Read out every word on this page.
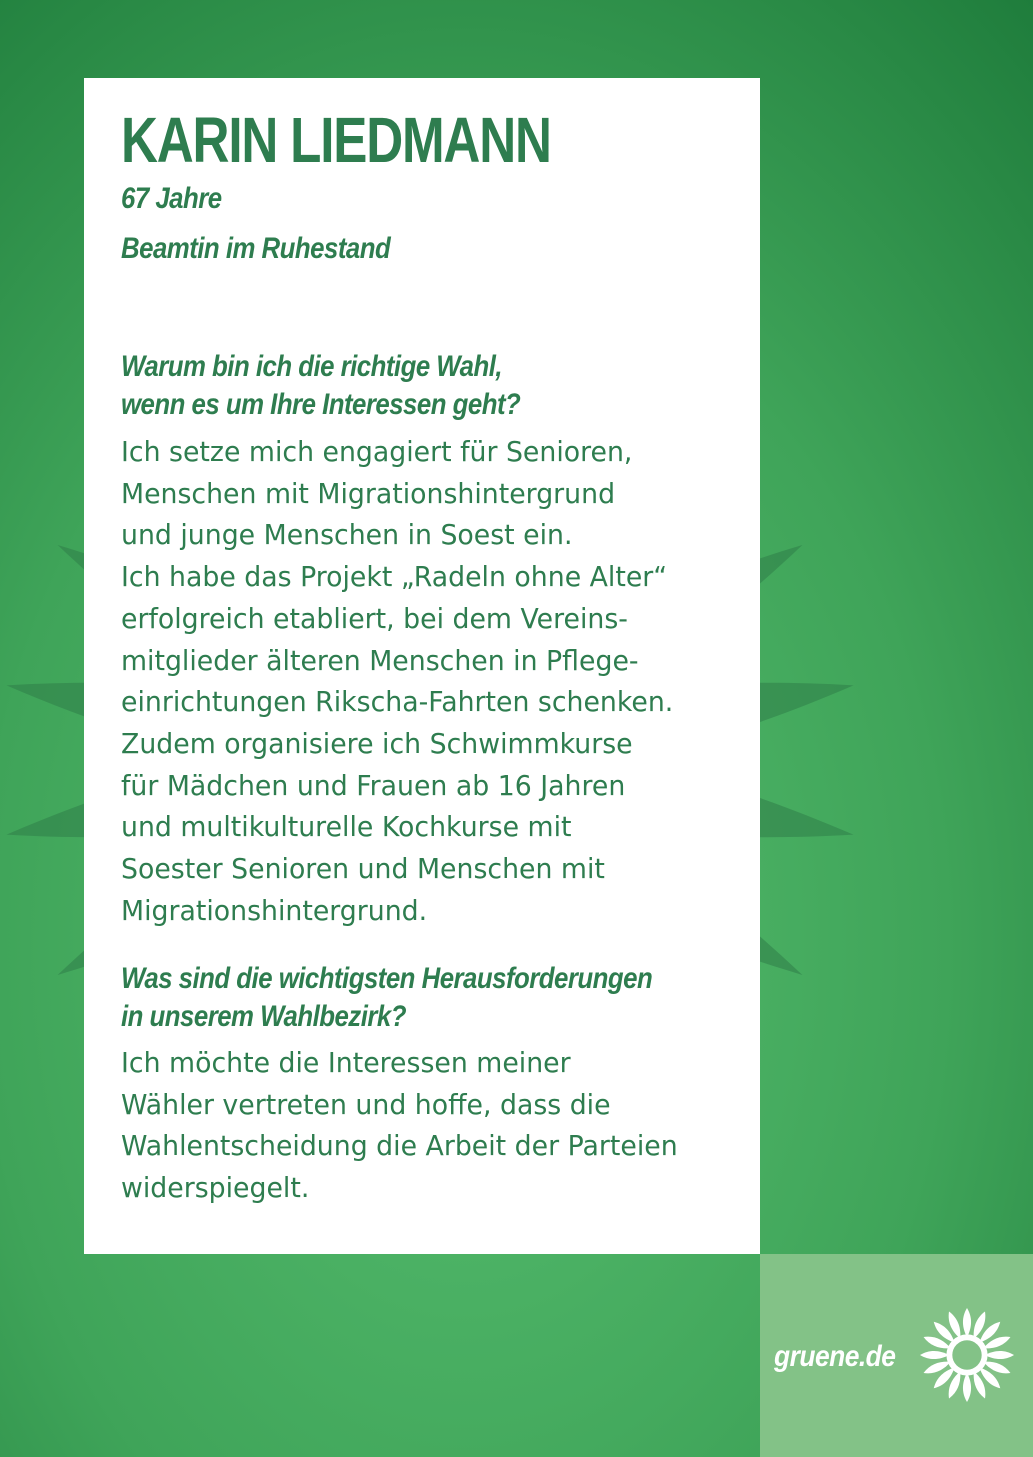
KARIN LIEDMANN

67 Jahre

Beamtin im Ruhestand

Warum bin ich die richtige Wahl,
wenn es um Ihre Interessen geht?
Ich setze mich engagiert für Senioren,
Menschen mit Migrationshintergrund
und junge Menschen in Soest ein.
Ich habe das Projekt „Radeln ohne Alter“
erfolgreich etabliert, bei dem Vereins-
mitglieder älteren Menschen in Pflege-
einrichtungen Rikscha-Fahrten schenken.
Zudem organisiere ich Schwimmkurse
für Mädchen und Frauen ab 16 Jahren
und multikulturelle Kochkurse mit
Soester Senioren und Menschen mit
Migrationshintergrund.
Was sind die wichtigsten Herausforderungen
in unserem Wahlbezirk?
Ich möchte die Interessen meiner
Wähler vertreten und hoffe, dass die
Wahlentscheidung die Arbeit der Parteien
widerspiegelt.
gruene.de
